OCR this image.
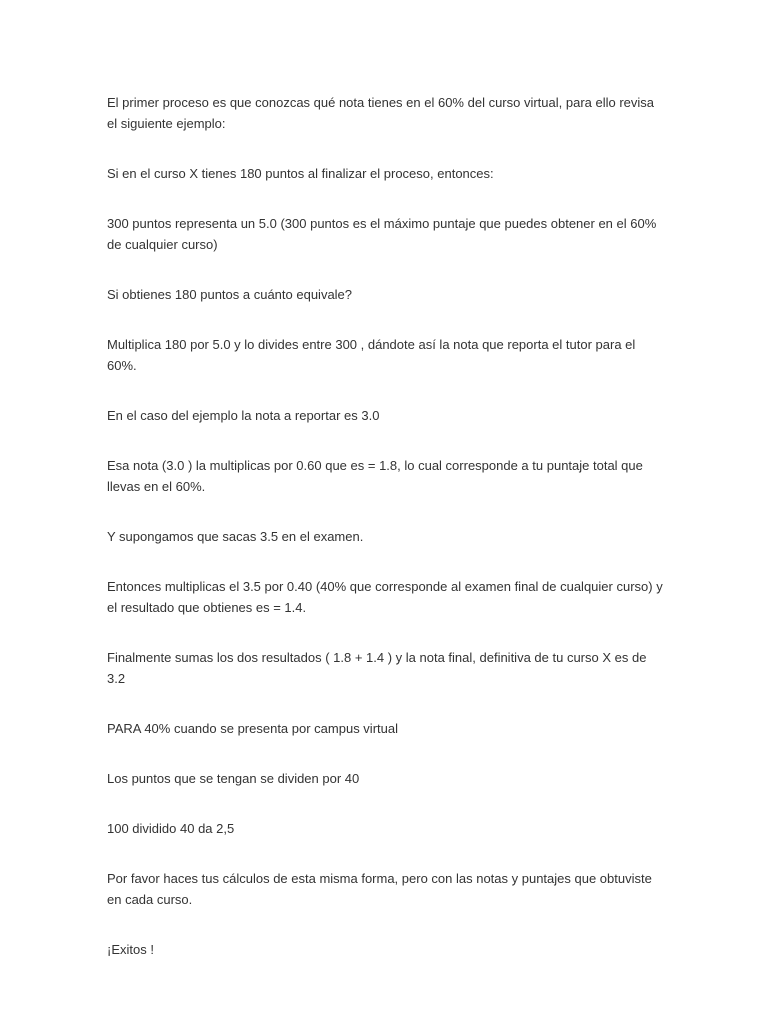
El primer proceso es que conozcas qué nota tienes en el 60% del curso virtual, para ello revisa el siguiente ejemplo:

Si en el curso X tienes 180 puntos al finalizar el proceso, entonces:

300 puntos representa un 5.0 (300 puntos es el máximo puntaje que puedes obtener en el 60% de cualquier curso)

Si obtienes 180 puntos a cuánto equivale?

Multiplica 180 por 5.0 y lo divides entre 300 , dándote así la nota que reporta el tutor para el 60%.

En el caso del ejemplo la nota a reportar es 3.0

Esa nota (3.0 ) la multiplicas por 0.60 que es = 1.8, lo cual corresponde a tu puntaje total que llevas en el 60%.

Y supongamos que sacas 3.5 en el examen.

Entonces multiplicas el 3.5 por 0.40 (40% que corresponde al examen final de cualquier curso) y el resultado que obtienes es = 1.4.

Finalmente sumas los dos resultados ( 1.8 + 1.4 ) y la nota final, definitiva de tu curso X es de 3.2

PARA 40% cuando se presenta por campus virtual

Los puntos que se tengan se dividen por 40

100 dividido 40 da 2,5

Por favor haces tus cálculos de esta misma forma, pero con las notas y puntajes que obtuviste en cada curso.

¡Exitos !
